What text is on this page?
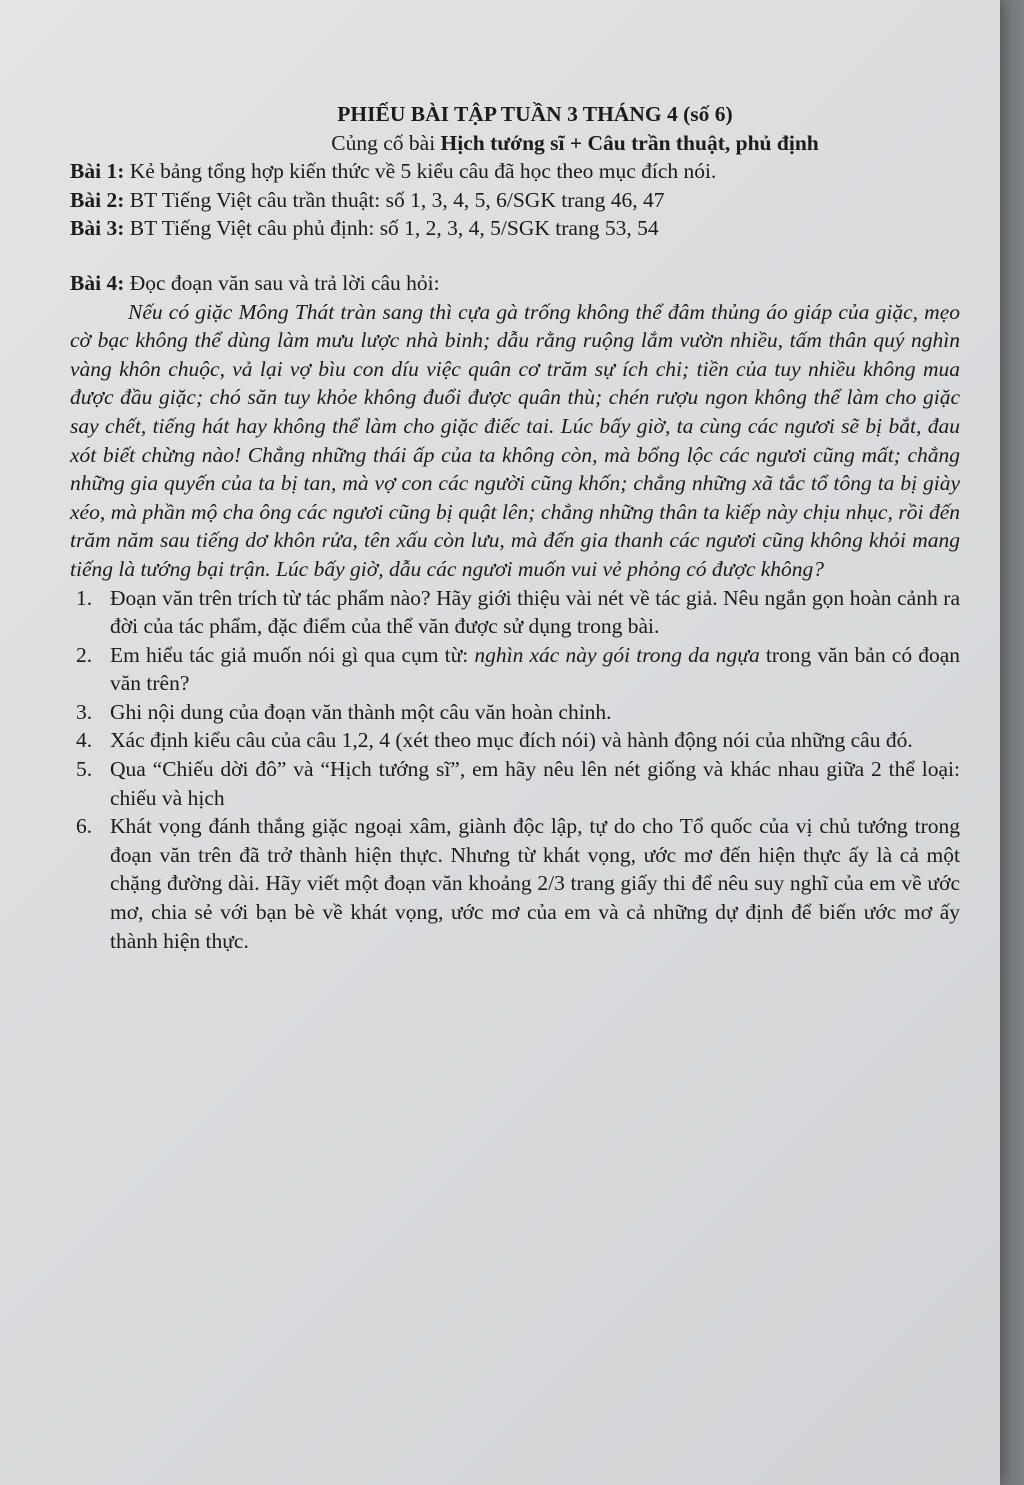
PHIẾU BÀI TẬP TUẦN 3 THÁNG 4 (số 6)
Củng cố bài Hịch tướng sĩ + Câu trần thuật, phủ định
Bài 1: Kẻ bảng tổng hợp kiến thức về 5 kiểu câu đã học theo mục đích nói.
Bài 2: BT Tiếng Việt câu trần thuật: số 1, 3, 4, 5, 6/SGK trang 46, 47
Bài 3: BT Tiếng Việt câu phủ định: số 1, 2, 3, 4, 5/SGK trang 53, 54
Bài 4: Đọc đoạn văn sau và trả lời câu hỏi:
Nếu có giặc Mông Thát tràn sang thì cựa gà trống không thể đâm thủng áo giáp của giặc, mẹo cờ bạc không thể dùng làm mưu lược nhà binh; dẫu rằng ruộng lắm vườn nhiều, tấm thân quý nghìn vàng khôn chuộc, vả lại vợ bìu con díu việc quân cơ trăm sự ích chi; tiền của tuy nhiều không mua được đầu giặc; chó săn tuy khỏe không đuổi được quân thù; chén rượu ngon không thể làm cho giặc say chết, tiếng hát hay không thể làm cho giặc điếc tai. Lúc bấy giờ, ta cùng các ngươi sẽ bị bắt, đau xót biết chừng nào! Chẳng những thái ấp của ta không còn, mà bổng lộc các ngươi cũng mất; chẳng những gia quyến của ta bị tan, mà vợ con các người cũng khốn; chẳng những xã tắc tổ tông ta bị giày xéo, mà phần mộ cha ông các ngươi cũng bị quật lên; chẳng những thân ta kiếp này chịu nhục, rồi đến trăm năm sau tiếng dơ khôn rửa, tên xấu còn lưu, mà đến gia thanh các ngươi cũng không khỏi mang tiếng là tướng bại trận. Lúc bấy giờ, dẫu các ngươi muốn vui vẻ phỏng có được không?
1. Đoạn văn trên trích từ tác phẩm nào? Hãy giới thiệu vài nét về tác giả. Nêu ngắn gọn hoàn cảnh ra đời của tác phẩm, đặc điểm của thể văn được sử dụng trong bài.
2. Em hiểu tác giả muốn nói gì qua cụm từ: nghìn xác này gói trong da ngựa trong văn bản có đoạn văn trên?
3. Ghi nội dung của đoạn văn thành một câu văn hoàn chỉnh.
4. Xác định kiểu câu của câu 1,2, 4 (xét theo mục đích nói) và hành động nói của những câu đó.
5. Qua “Chiếu dời đô” và “Hịch tướng sĩ”, em hãy nêu lên nét giống và khác nhau giữa 2 thể loại: chiếu và hịch
6. Khát vọng đánh thắng giặc ngoại xâm, giành độc lập, tự do cho Tổ quốc của vị chủ tướng trong đoạn văn trên đã trở thành hiện thực. Nhưng từ khát vọng, ước mơ đến hiện thực ấy là cả một chặng đường dài. Hãy viết một đoạn văn khoảng 2/3 trang giấy thi để nêu suy nghĩ của em về ước mơ, chia sẻ với bạn bè về khát vọng, ước mơ của em và cả những dự định để biến ước mơ ấy thành hiện thực.
